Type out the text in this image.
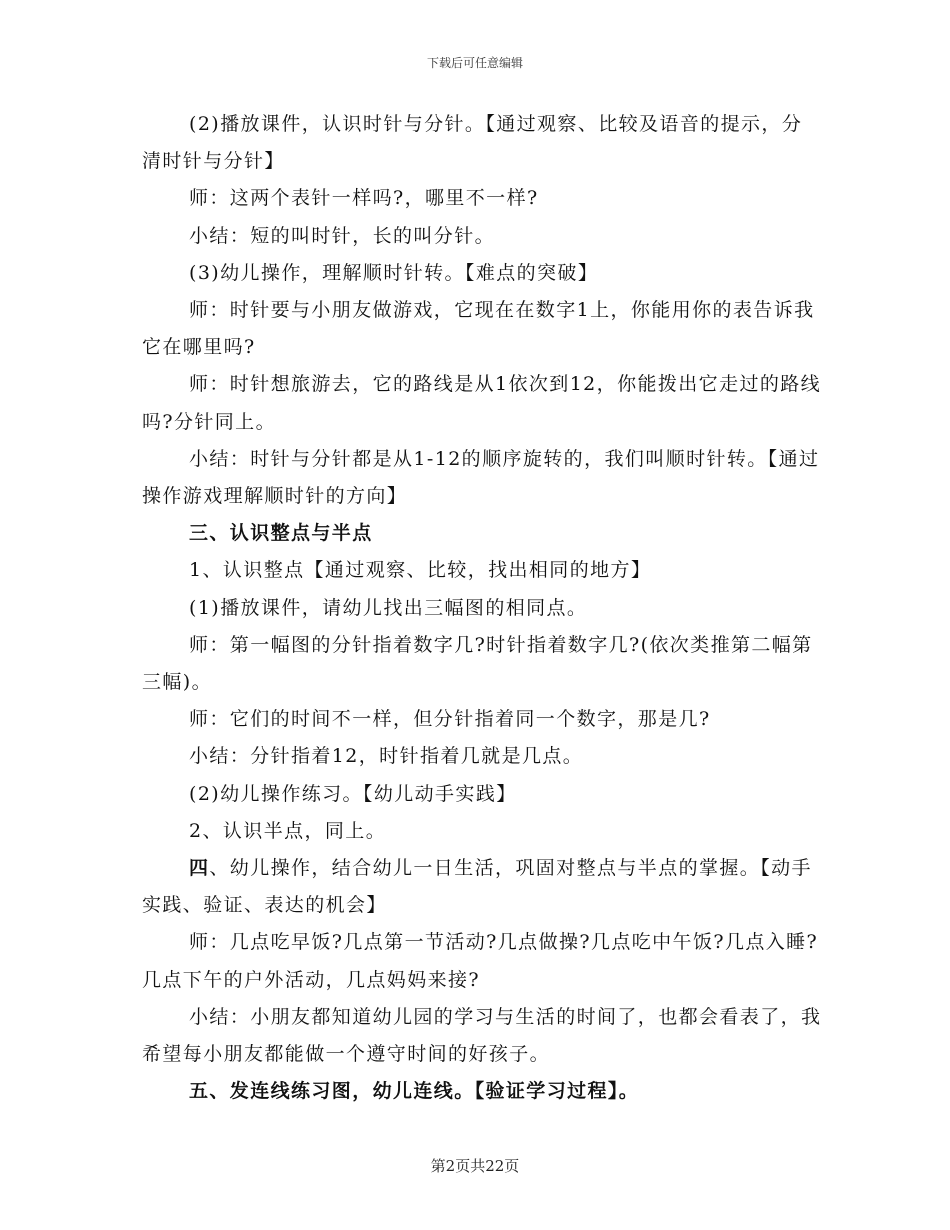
下载后可任意编辑

(2)播放课件，认识时针与分针。【通过观察、比较及语音的提示，分清时针与分针】

师：这两个表针一样吗?，哪里不一样?

小结：短的叫时针，长的叫分针。

(3)幼儿操作，理解顺时针转。【难点的突破】

师：时针要与小朋友做游戏，它现在在数字1上，你能用你的表告诉我它在哪里吗?

师：时针想旅游去，它的路线是从1依次到12，你能拨出它走过的路线吗?分针同上。

小结：时针与分针都是从1-12的顺序旋转的，我们叫顺时针转。【通过操作游戏理解顺时针的方向】

三、认识整点与半点

1、认识整点【通过观察、比较，找出相同的地方】

(1)播放课件，请幼儿找出三幅图的相同点。

师：第一幅图的分针指着数字几?时针指着数字几?(依次类推第二幅第三幅)。

师：它们的时间不一样，但分针指着同一个数字，那是几?

小结：分针指着12，时针指着几就是几点。

(2)幼儿操作练习。【幼儿动手实践】

2、认识半点，同上。

四、幼儿操作，结合幼儿一日生活，巩固对整点与半点的掌握。【动手实践、验证、表达的机会】

师：几点吃早饭?几点第一节活动?几点做操?几点吃中午饭?几点入睡?几点下午的户外活动，几点妈妈来接?

小结：小朋友都知道幼儿园的学习与生活的时间了，也都会看表了，我希望每小朋友都能做一个遵守时间的好孩子。

五、发连线练习图，幼儿连线。【验证学习过程】。

第2页共22页
